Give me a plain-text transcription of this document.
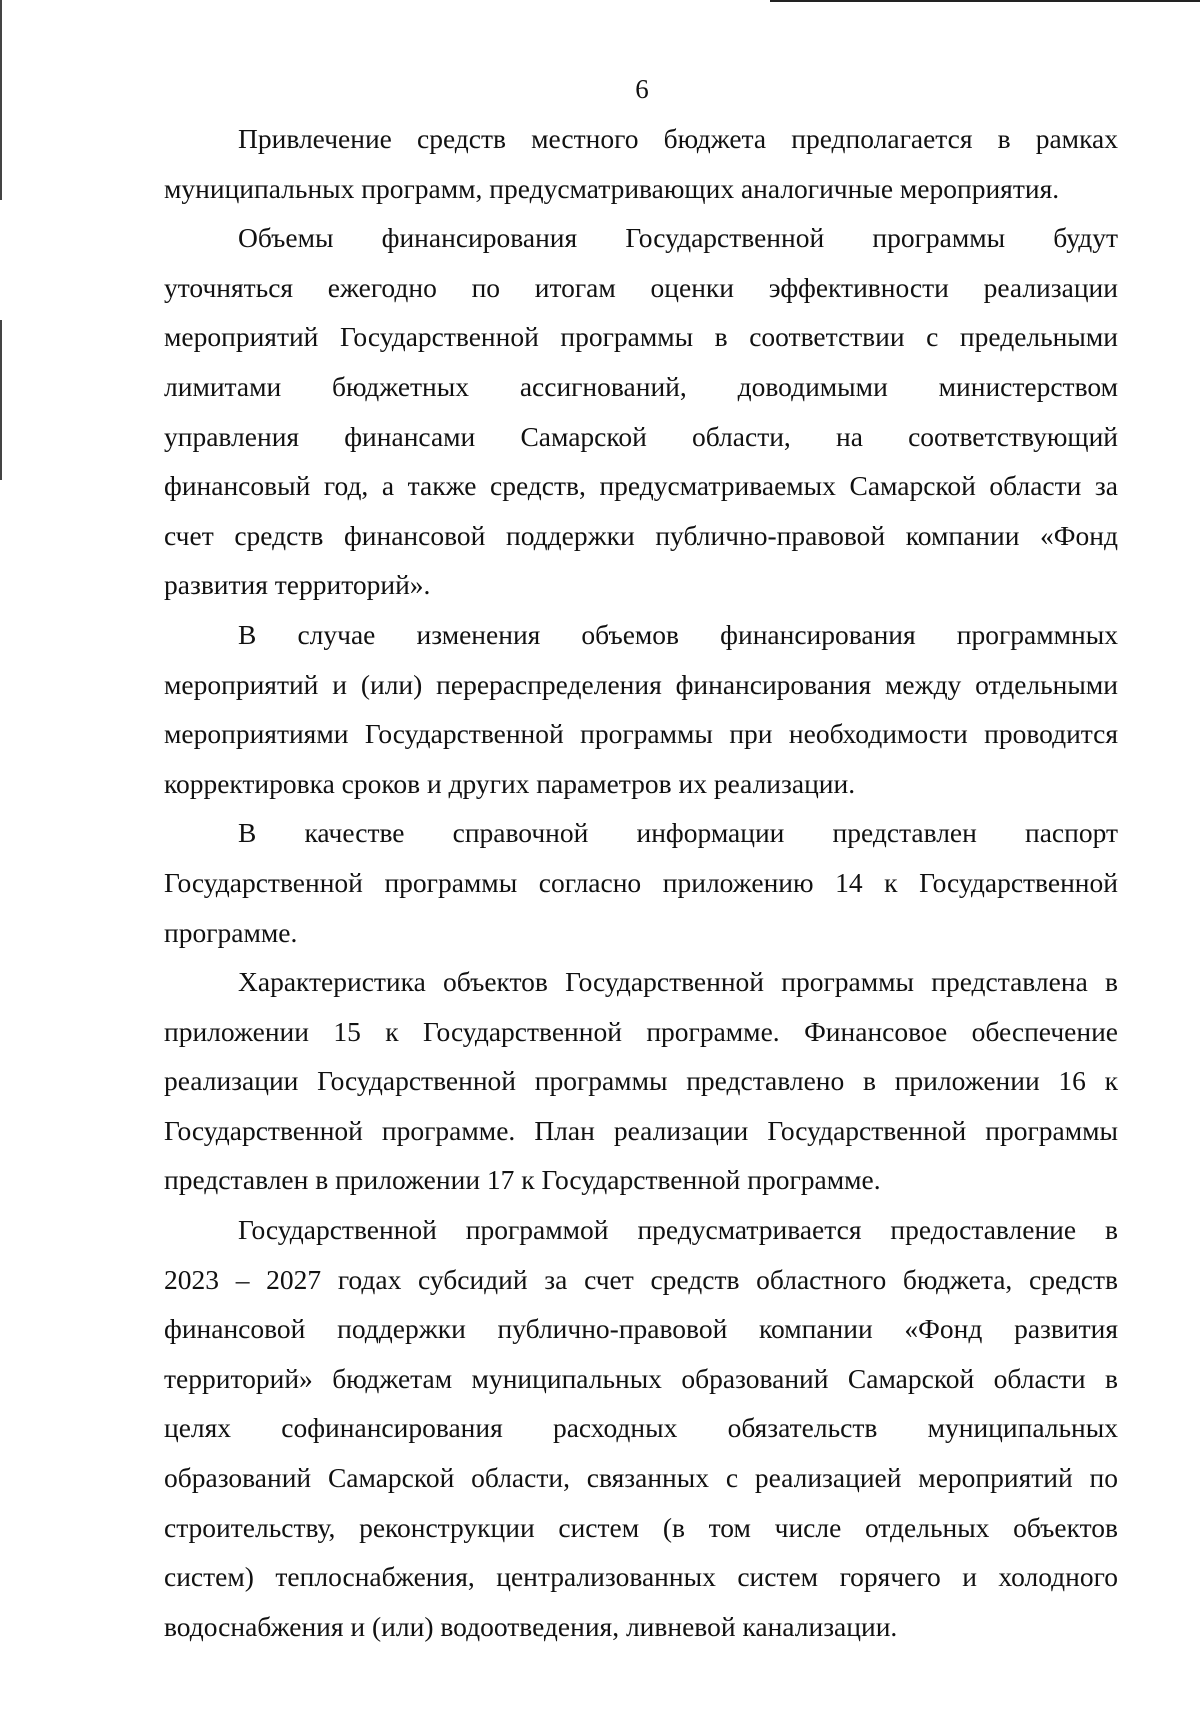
6
Привлечение средств местного бюджета предполагается в рамках
муниципальных программ, предусматривающих аналогичные мероприятия.
Объемы финансирования Государственной программы будут
уточняться ежегодно по итогам оценки эффективности реализации
мероприятий Государственной программы в соответствии с предельными
лимитами бюджетных ассигнований, доводимыми министерством
управления финансами Самарской области, на соответствующий
финансовый год, а также средств, предусматриваемых Самарской области за
счет средств финансовой поддержки публично-правовой компании «Фонд
развития территорий».
В случае изменения объемов финансирования программных
мероприятий и (или) перераспределения финансирования между отдельными
мероприятиями Государственной программы при необходимости проводится
корректировка сроков и других параметров их реализации.
В качестве справочной информации представлен паспорт
Государственной программы согласно приложению 14 к Государственной
программе.
Характеристика объектов Государственной программы представлена в
приложении 15 к Государственной программе. Финансовое обеспечение
реализации Государственной программы представлено в приложении 16 к
Государственной программе. План реализации Государственной программы
представлен в приложении 17 к Государственной программе.
Государственной программой предусматривается предоставление в
2023 – 2027 годах субсидий за счет средств областного бюджета, средств
финансовой поддержки публично-правовой компании «Фонд развития
территорий» бюджетам муниципальных образований Самарской области в
целях софинансирования расходных обязательств муниципальных
образований Самарской области, связанных с реализацией мероприятий по
строительству, реконструкции систем (в том числе отдельных объектов
систем) теплоснабжения, централизованных систем горячего и холодного
водоснабжения и (или) водоотведения, ливневой канализации.
